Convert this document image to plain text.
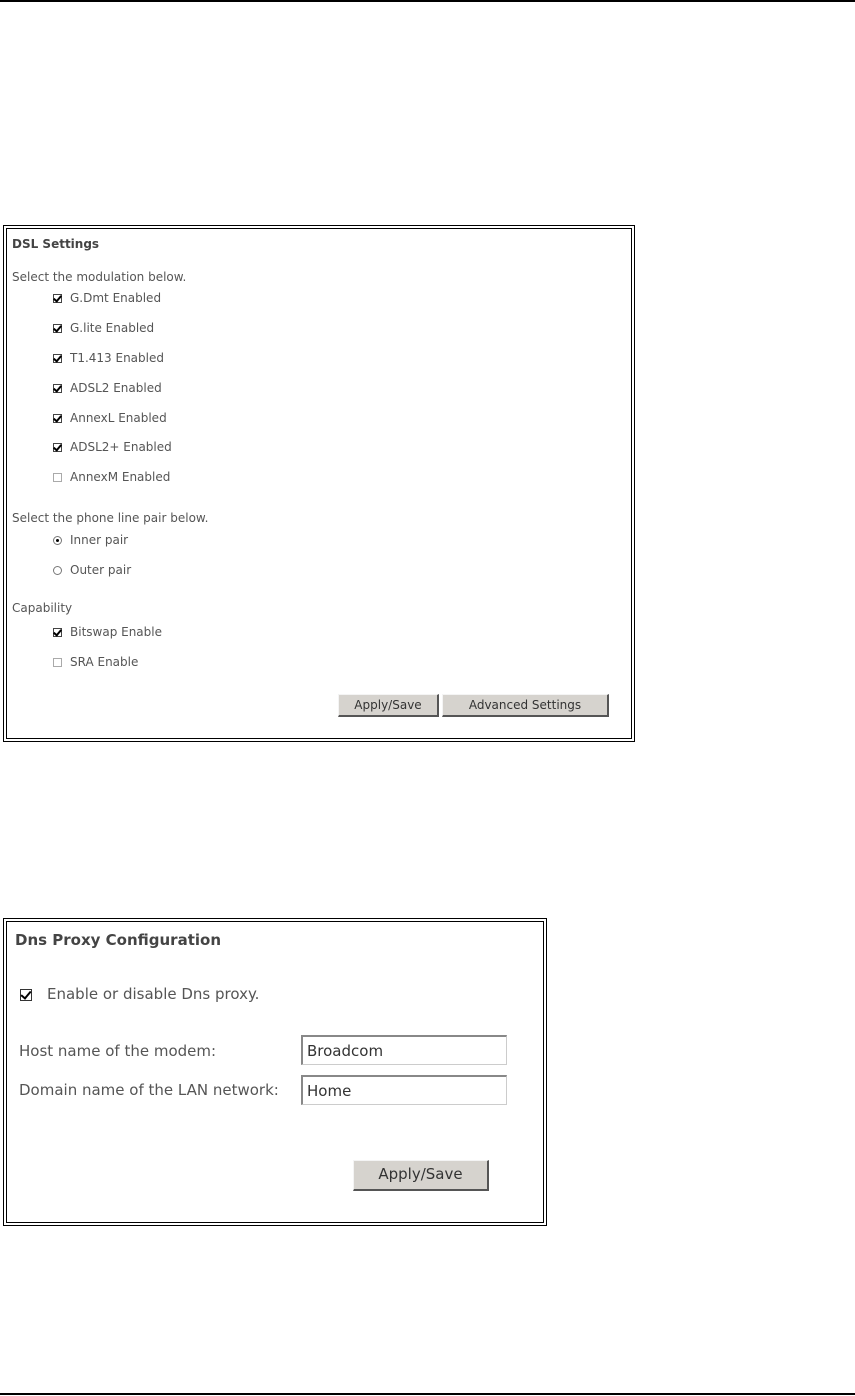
DSL Settings
Select the modulation below.
G.Dmt Enabled
G.lite Enabled
T1.413 Enabled
ADSL2 Enabled
AnnexL Enabled
ADSL2+ Enabled
AnnexM Enabled
Select the phone line pair below.
Inner pair
Outer pair
Capability
Bitswap Enable
SRA Enable
Apply/Save	Advanced Settings
Dns Proxy Configuration
Enable or disable Dns proxy.
Host name of the modem:
Broadcom
Domain name of the LAN network:
Home
Apply/Save
